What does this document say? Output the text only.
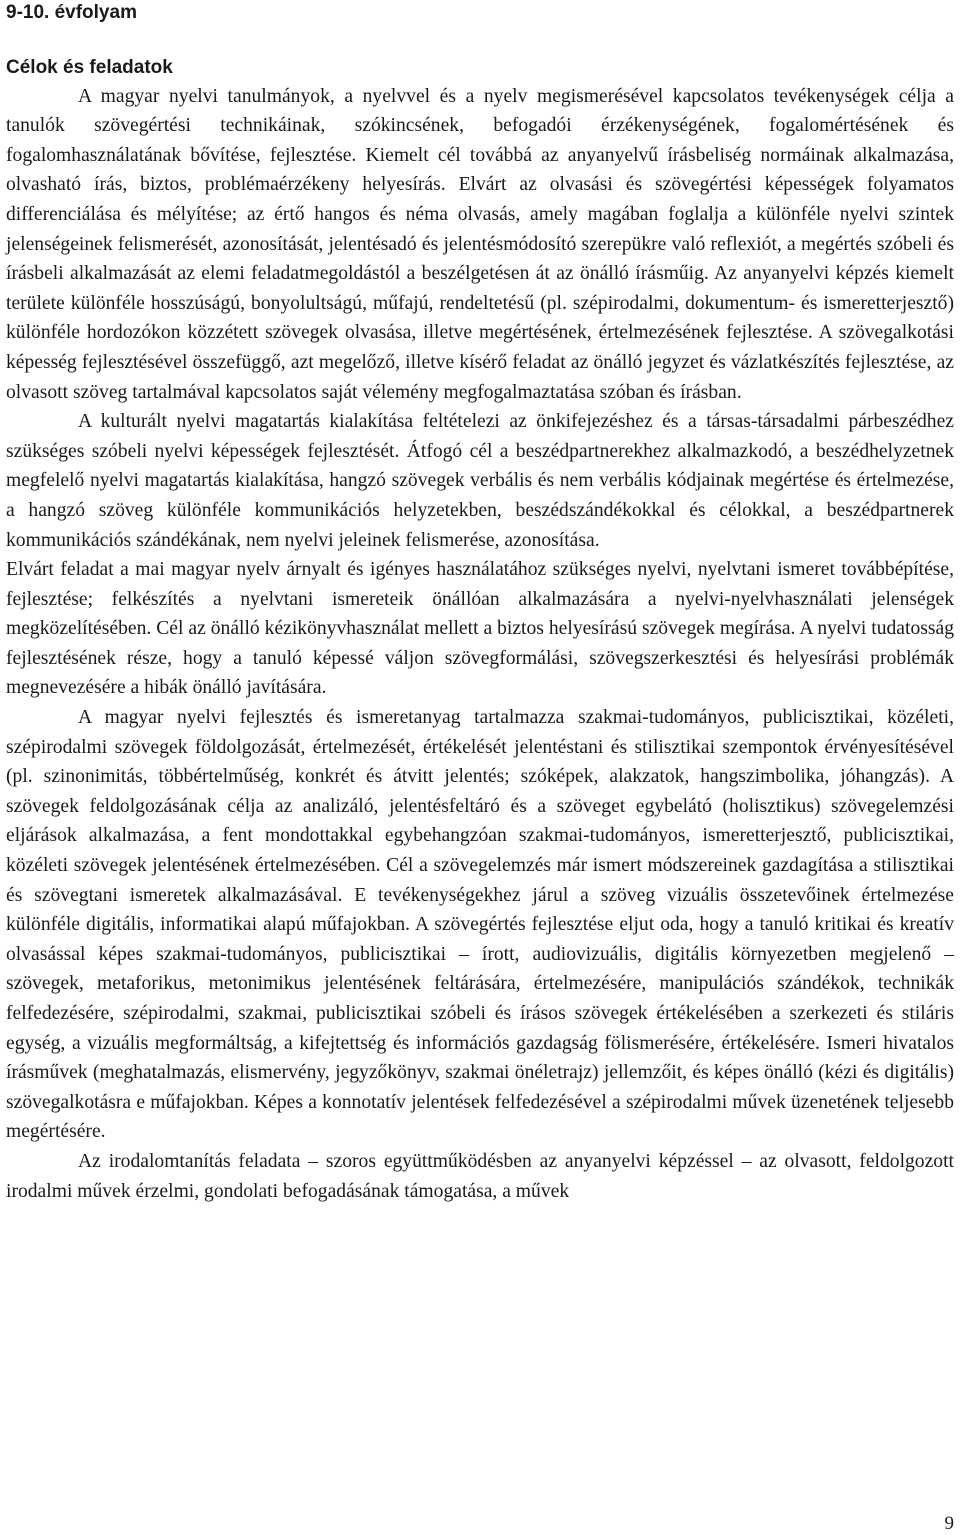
9-10. évfolyam
Célok és feladatok

A magyar nyelvi tanulmányok, a nyelvvel és a nyelv megismerésével kapcsolatos tevékenységek célja a tanulók szövegértési technikáinak, szókincsének, befogadói érzékenységének, fogalomértésének és fogalomhasználatának bővítése, fejlesztése. Kiemelt cél továbbá az anyanyelvű írásbeliség normáinak alkalmazása, olvasható írás, biztos, problémaérzékeny helyesírás. Elvárt az olvasási és szövegértési képességek folyamatos differenciálása és mélyítése; az értő hangos és néma olvasás, amely magában foglalja a különféle nyelvi szintek jelenségeinek felismerését, azonosítását, jelentésadó és jelentésmódosító szerepükre való reflexiót, a megértés szóbeli és írásbeli alkalmazását az elemi feladatmegoldástól a beszélgetésen át az önálló írásműig. Az anyanyelvi képzés kiemelt területe különféle hosszúságú, bonyolultságú, műfajú, rendeltetésű (pl. szépirodalmi, dokumentum- és ismeretterjesztő) különféle hordozókon közzétett szövegek olvasása, illetve megértésének, értelmezésének fejlesztése. A szövegalkotási képesség fejlesztésével összefüggő, azt megelőző, illetve kísérő feladat az önálló jegyzet és vázlatkészítés fejlesztése, az olvasott szöveg tartalmával kapcsolatos saját vélemény megfogalmaztatása szóban és írásban.

A kulturált nyelvi magatartás kialakítása feltételezi az önkifejezéshez és a társas-társadalmi párbeszédhez szükséges szóbeli nyelvi képességek fejlesztését. Átfogó cél a beszédpartnerekhez alkalmazkodó, a beszédhelyzetnek megfelelő nyelvi magatartás kialakítása, hangzó szövegek verbális és nem verbális kódjainak megértése és értelmezése, a hangzó szöveg különféle kommunikációs helyzetekben, beszédszándékokkal és célokkal, a beszédpartnerek kommunikációs szándékának, nem nyelvi jeleinek felismerése, azonosítása.

Elvárt feladat a mai magyar nyelv árnyalt és igényes használatához szükséges nyelvi, nyelvtani ismeret továbbépítése, fejlesztése; felkészítés a nyelvtani ismereteik önállóan alkalmazására a nyelvi-nyelvhasználati jelenségek megközelítésében. Cél az önálló kézikönyvhasználat mellett a biztos helyesírású szövegek megírása. A nyelvi tudatosság fejlesztésének része, hogy a tanuló képessé váljon szövegformálási, szövegszerkesztési és helyesírási problémák megnevezésére a hibák önálló javítására.

A magyar nyelvi fejlesztés és ismeretanyag tartalmazza szakmai-tudományos, publicisztikai, közéleti, szépirodalmi szövegek földolgozását, értelmezését, értékelését jelentéstani és stilisztikai szempontok érvényesítésével (pl. szinonimitás, többértelműség, konkrét és átvitt jelentés; szóképek, alakzatok, hangszimbolika, jóhangzás). A szövegek feldolgozásának célja az analizáló, jelentésfeltáró és a szöveget egybelátó (holisztikus) szövegelemzési eljárások alkalmazása, a fent mondottakkal egybehangzóan szakmai-tudományos, ismeretterjesztő, publicisztikai, közéleti szövegek jelentésének értelmezésében. Cél a szövegelemzés már ismert módszereinek gazdagítása a stilisztikai és szövegtani ismeretek alkalmazásával. E tevékenységekhez járul a szöveg vizuális összetevőinek értelmezése különféle digitális, informatikai alapú műfajokban. A szövegértés fejlesztése eljut oda, hogy a tanuló kritikai és kreatív olvasással képes szakmai-tudományos, publicisztikai – írott, audiovizuális, digitális környezetben megjelenő – szövegek, metaforikus, metonimikus jelentésének feltárására, értelmezésére, manipulációs szándékok, technikák felfedezésére, szépirodalmi, szakmai, publicisztikai szóbeli és írásos szövegek értékelésében a szerkezeti és stiláris egység, a vizuális megformáltság, a kifejtettség és információs gazdagság fölismerésére, értékelésére. Ismeri hivatalos írásművek (meghatalmazás, elismervény, jegyzőkönyv, szakmai önéletrajz) jellemzőit, és képes önálló (kézi és digitális) szövegalkotásra e műfajokban. Képes a konnotatív jelentések felfedezésével a szépirodalmi művek üzenetének teljesebb megértésére.

Az irodalomtanítás feladata – szoros együttműködésben az anyanyelvi képzéssel – az olvasott, feldolgozott irodalmi művek érzelmi, gondolati befogadásának támogatása, a művek

9
